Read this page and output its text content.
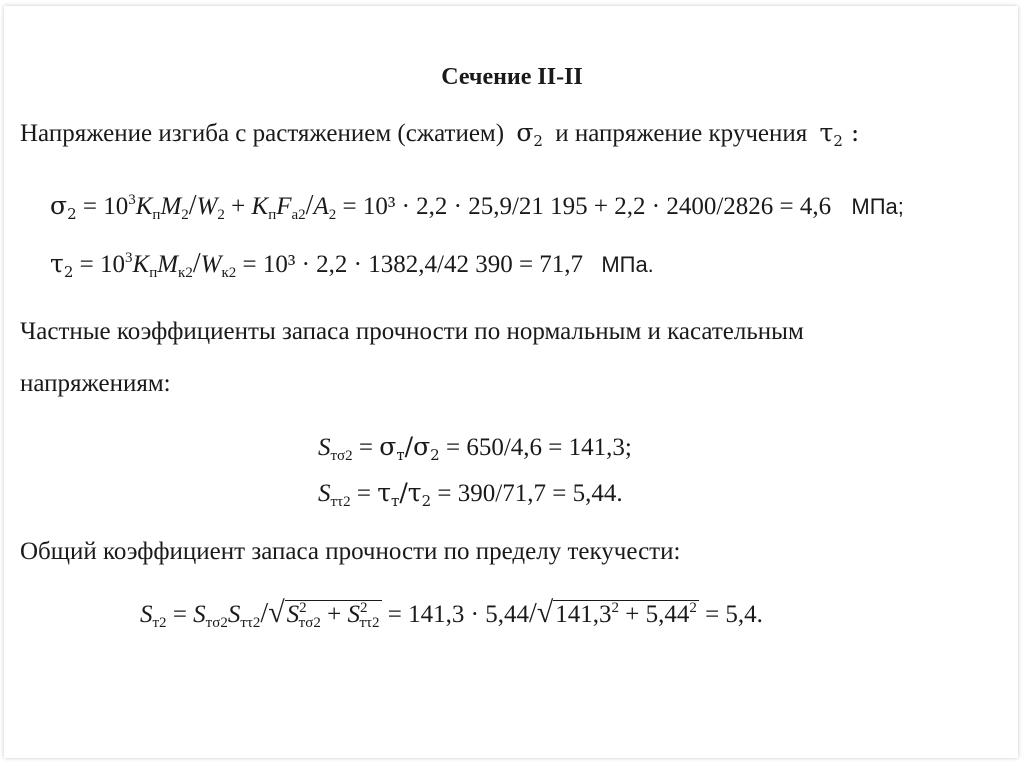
Сечение II-II
Напряжение изгиба с растяжением (сжатием) $\sigma_2$ и напряжение кручения $\tau_2$ :
$\sigma_2 = 10^3K_пM_2/W_2 + K_пF_{а2}/A_2 = 10^3 \cdot 2,2 \cdot 25,9/21$ 195 + 2,2 · 2400/2826 = 4,6 МПа;
$\tau_2 = 10^3K_пM_{к2}/W_{к2} = 10^3 \cdot 2,2 \cdot 1382,4/42$ 390 = 71,7 МПа.
Частные коэффициенты запаса прочности по нормальным и касательным
напряжениям:
$S_{т\sigma 2} = \sigma_т/\sigma_2 = 650/4,6 = 141,3$;
$S_{т\tau 2} = \tau_т/\tau_2 = 390/71,7 = 5,44$.
Общий коэффициент запаса прочности по пределу текучести:
$S_{т2} = S_{т\sigma 2}S_{т\tau 2}/√S^2_{т\sigma 2} + S^2_{т\tau 2} = 141,3 \cdot 5,44/√141,3^2 + 5,44^2 = 5,4$.
